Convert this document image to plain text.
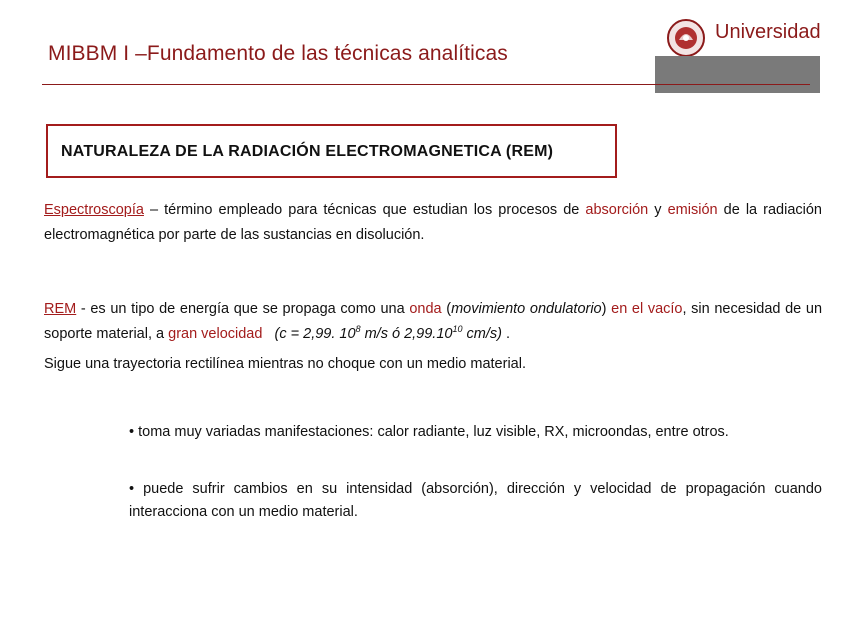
MIBBM I –Fundamento de las técnicas analíticas
Universidad
NATURALEZA DE LA RADIACIÓN ELECTROMAGNETICA (REM)
Espectroscopía – término empleado para técnicas que estudian los procesos de absorción y emisión de la radiación electromagnética por parte de las sustancias en disolución.
REM - es un tipo de energía que se propaga como una onda (movimiento ondulatorio) en el vacío, sin necesidad de un soporte material, a gran velocidad (c = 2,99. $10^8$ m/s ó 2,99.10$^{10}$ cm/s) .
Sigue una trayectoria rectilínea mientras no choque con un medio material.
• toma muy variadas manifestaciones: calor radiante, luz visible, RX, microondas, entre otros.
• puede sufrir cambios en su intensidad (absorción), dirección y velocidad de propagación cuando interacciona con un medio material.
